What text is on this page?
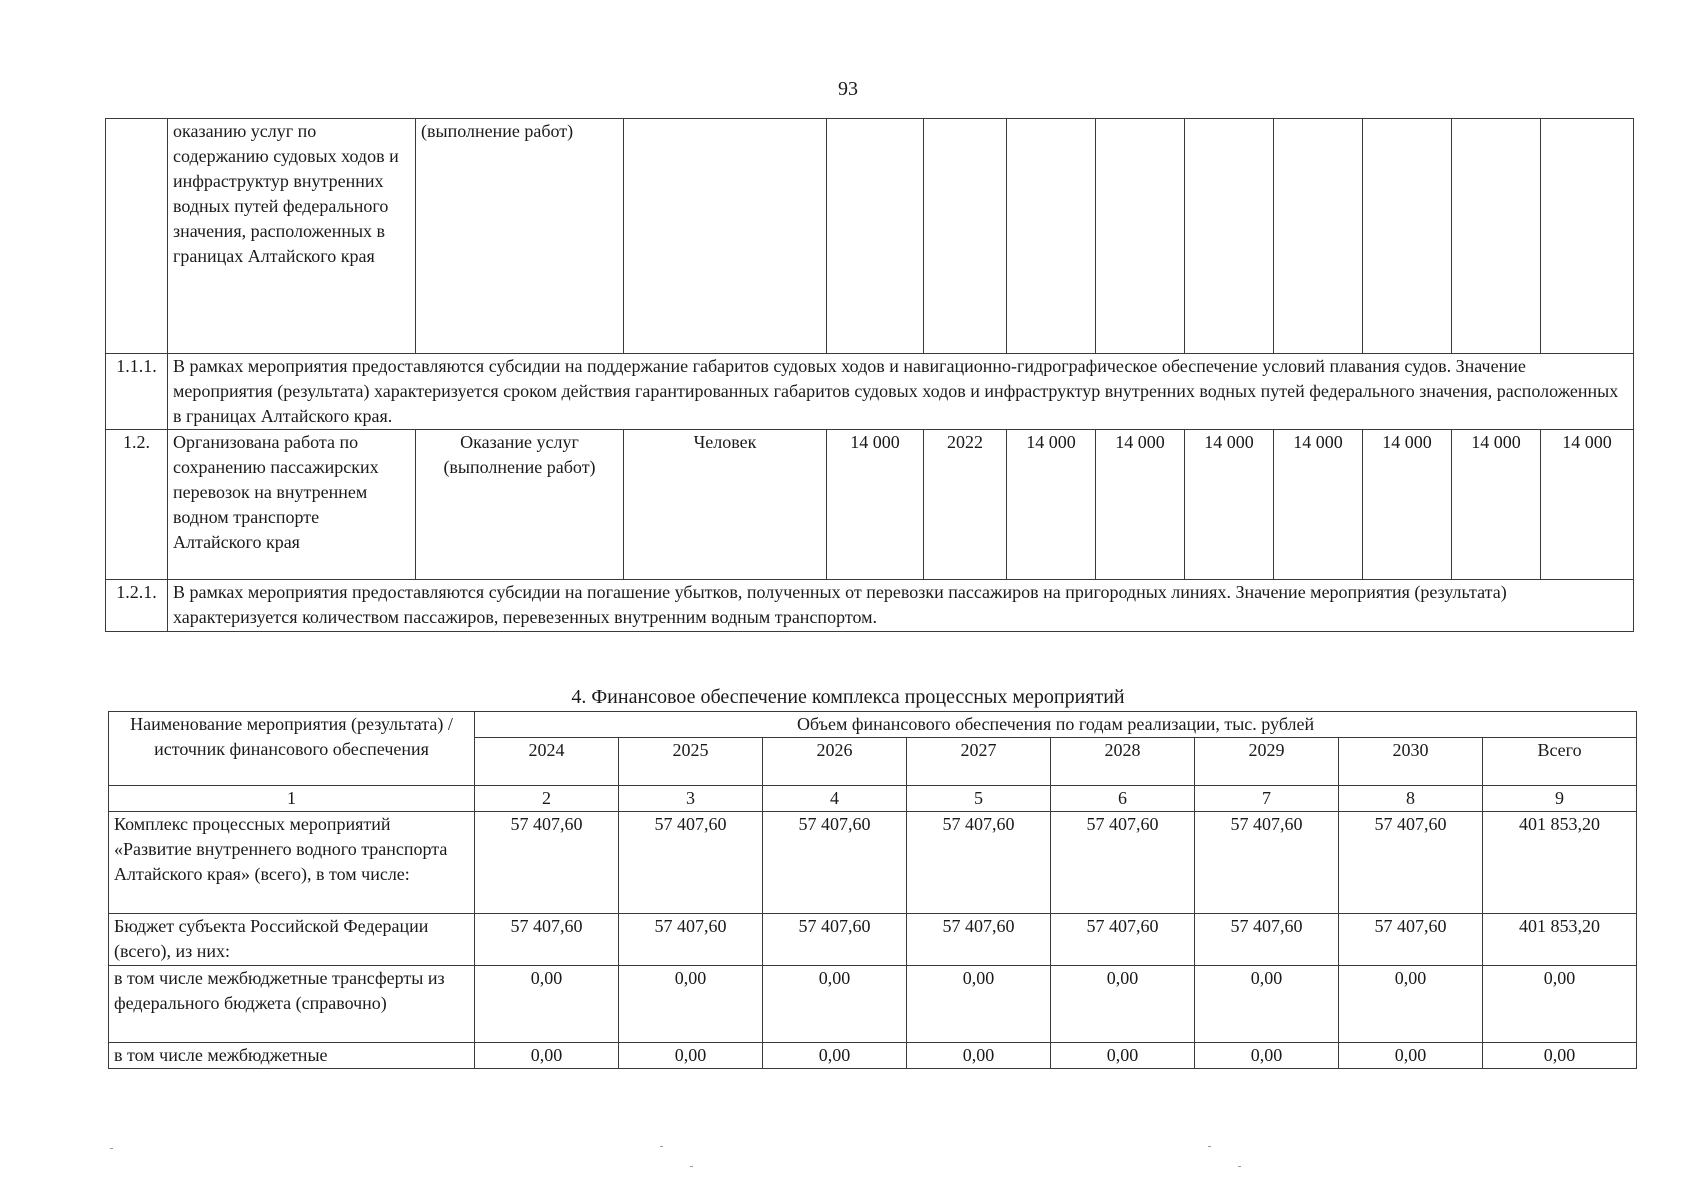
93
	оказанию услуг по содержанию судовых ходов и инфраструктур внутренних водных путей федерального значения, расположенных в границах Алтайского края	(выполнение работ)										
1.1.1.	В рамках мероприятия предоставляются субсидии на поддержание габаритов судовых ходов и навигационно-гидрографическое обеспечение условий плавания судов. Значение мероприятия (результата) характеризуется сроком действия гарантированных габаритов судовых ходов и инфраструктур внутренних водных путей федерального значения, расположенных в границах Алтайского края.											
1.2.	Организована работа по сохранению пассажирских перевозок на внутреннем водном транспорте Алтайского края	Оказание услуг (выполнение работ)	Человек	14 000	2022	14 000	14 000	14 000	14 000	14 000	14 000	14 000
1.2.1.	В рамках мероприятия предоставляются субсидии на погашение убытков, полученных от перевозки пассажиров на пригородных линиях. Значение мероприятия (результата) характеризуется количеством пассажиров, перевезенных внутренним водным транспортом.											
4. Финансовое обеспечение комплекса процессных мероприятий
Наименование мероприятия (результата) / источник финансового обеспечения	Объем финансового обеспечения по годам реализации, тыс. рублей							
	2024	2025	2026	2027	2028	2029	2030	Всего
1	2	3	4	5	6	7	8	9
Комплекс процессных мероприятий «Развитие внутреннего водного транспорта Алтайского края» (всего), в том числе:	57 407,60	57 407,60	57 407,60	57 407,60	57 407,60	57 407,60	57 407,60	401 853,20
Бюджет субъекта Российской Федерации (всего), из них:	57 407,60	57 407,60	57 407,60	57 407,60	57 407,60	57 407,60	57 407,60	401 853,20
в том числе межбюджетные трансферты из федерального бюджета (справочно)	0,00	0,00	0,00	0,00	0,00	0,00	0,00	0,00
в том числе межбюджетные	0,00	0,00	0,00	0,00	0,00	0,00	0,00	0,00
